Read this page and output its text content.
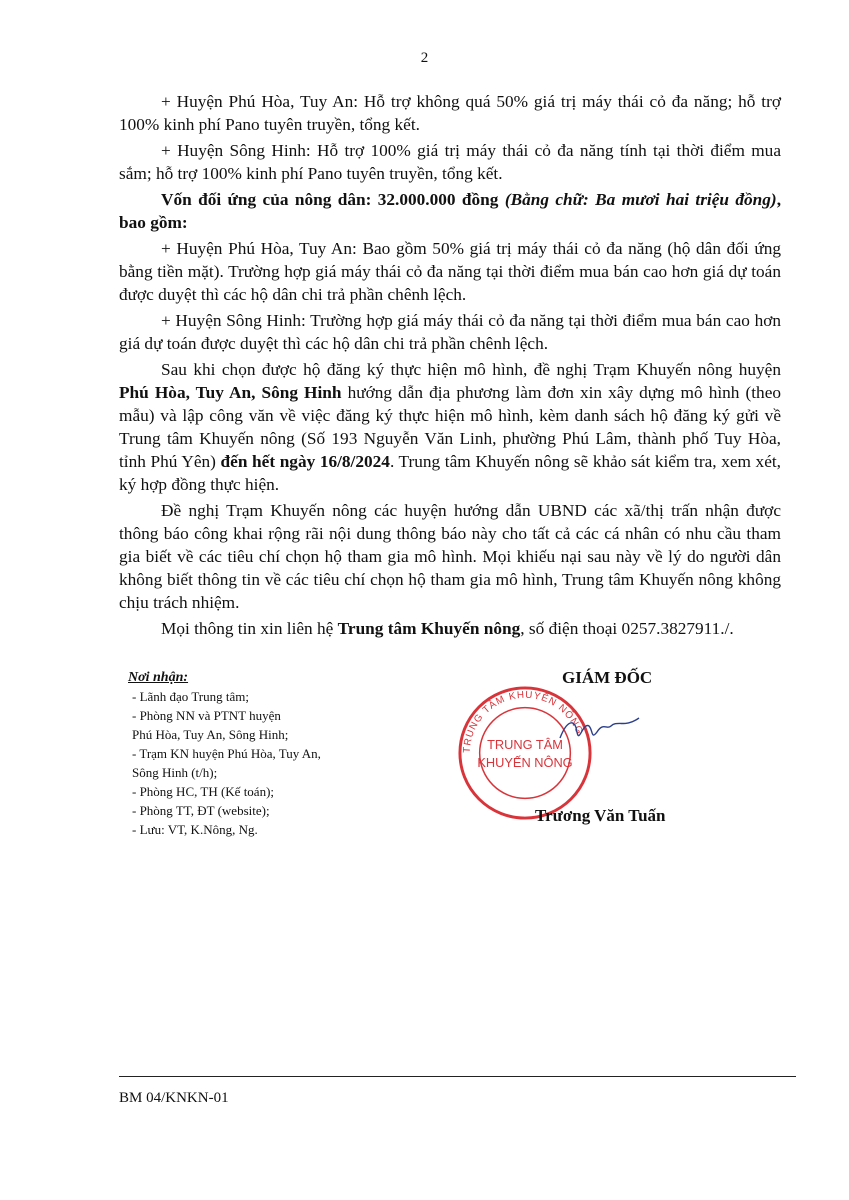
2

+ Huyện Phú Hòa, Tuy An: Hỗ trợ không quá 50% giá trị máy thái cỏ đa năng; hỗ trợ 100% kinh phí Pano tuyên truyền, tổng kết.

+ Huyện Sông Hinh: Hỗ trợ 100% giá trị máy thái cỏ đa năng tính tại thời điểm mua sắm; hỗ trợ 100% kinh phí Pano tuyên truyền, tổng kết.

Vốn đối ứng của nông dân: 32.000.000 đồng (Bằng chữ: Ba mươi hai triệu đồng), bao gồm:

+ Huyện Phú Hòa, Tuy An: Bao gồm 50% giá trị máy thái cỏ đa năng (hộ dân đối ứng bằng tiền mặt). Trường hợp giá máy thái cỏ đa năng tại thời điểm mua bán cao hơn giá dự toán được duyệt thì các hộ dân chi trả phần chênh lệch.

+ Huyện Sông Hinh: Trường hợp giá máy thái cỏ đa năng tại thời điểm mua bán cao hơn giá dự toán được duyệt thì các hộ dân chi trả phần chênh lệch.

Sau khi chọn được hộ đăng ký thực hiện mô hình, đề nghị Trạm Khuyến nông huyện Phú Hòa, Tuy An, Sông Hinh hướng dẫn địa phương làm đơn xin xây dựng mô hình (theo mẫu) và lập công văn về việc đăng ký thực hiện mô hình, kèm danh sách hộ đăng ký gửi về Trung tâm Khuyến nông (Số 193 Nguyễn Văn Linh, phường Phú Lâm, thành phố Tuy Hòa, tỉnh Phú Yên) đến hết ngày 16/8/2024. Trung tâm Khuyến nông sẽ khảo sát kiểm tra, xem xét, ký hợp đồng thực hiện.

Đề nghị Trạm Khuyến nông các huyện hướng dẫn UBND các xã/thị trấn nhận được thông báo công khai rộng rãi nội dung thông báo này cho tất cả các cá nhân có nhu cầu tham gia biết về các tiêu chí chọn hộ tham gia mô hình. Mọi khiếu nại sau này về lý do người dân không biết thông tin về các tiêu chí chọn hộ tham gia mô hình, Trung tâm Khuyến nông không chịu trách nhiệm.

Mọi thông tin xin liên hệ Trung tâm Khuyến nông, số điện thoại 0257.3827911./.

Nơi nhận:
- Lãnh đạo Trung tâm;
- Phòng NN và PTNT huyện
Phú Hòa, Tuy An, Sông Hinh;
- Trạm KN huyện Phú Hòa, Tuy An,
Sông Hinh (t/h);
- Phòng HC, TH (Kế toán);
- Phòng TT, ĐT (website);
- Lưu: VT, K.Nông, Ng.
GIÁM ĐỐC
TRUNG TÂM KHUYẾN NÔNG
TRUNG TÂM
KHUYẾN NÔNG
Trương Văn Tuấn
BM 04/KNKN-01
